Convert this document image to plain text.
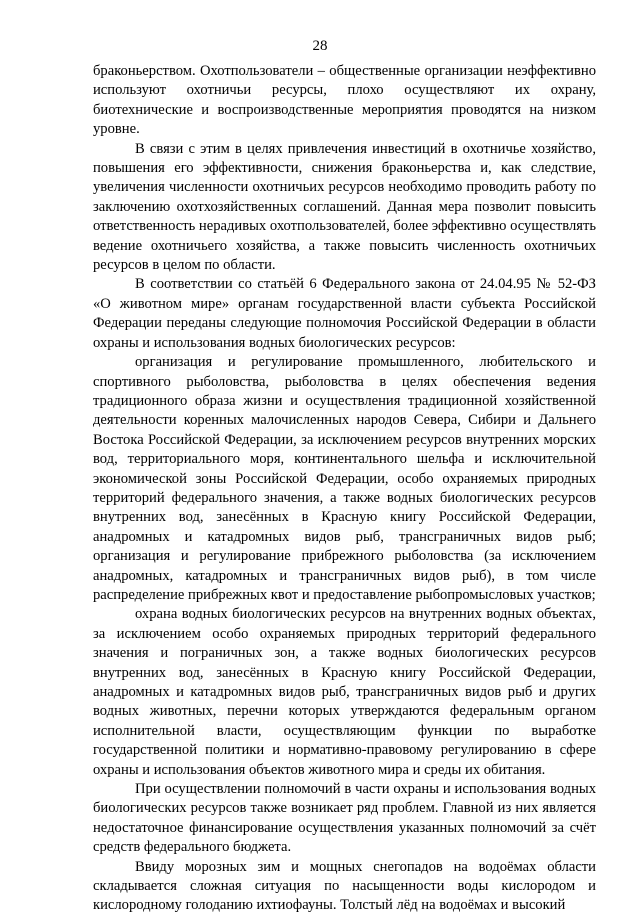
28

браконьерством. Охотпользователи – общественные организации неэффективно используют охотничьи ресурсы, плохо осуществляют их охрану, биотехнические и воспроизводственные мероприятия проводятся на низком уровне.

В связи с этим в целях привлечения инвестиций в охотничье хозяйство, повышения его эффективности, снижения браконьерства и, как следствие, увеличения численности охотничьих ресурсов необходимо проводить работу по заключению охотхозяйственных соглашений. Данная мера позволит повысить ответственность нерадивых охотпользователей, более эффективно осуществлять ведение охотничьего хозяйства, а также повысить численность охотничьих ресурсов в целом по области.

В соответствии со статьёй 6 Федерального закона от 24.04.95 № 52-ФЗ «О животном мире» органам государственной власти субъекта Российской Федерации переданы следующие полномочия Российской Федерации в области охраны и использования водных биологических ресурсов:

организация и регулирование промышленного, любительского и спортивного рыболовства, рыболовства в целях обеспечения ведения традиционного образа жизни и осуществления традиционной хозяйственной деятельности коренных малочисленных народов Севера, Сибири и Дальнего Востока Российской Федерации, за исключением ресурсов внутренних морских вод, территориального моря, континентального шельфа и исключительной экономической зоны Российской Федерации, особо охраняемых природных территорий федерального значения, а также водных биологических ресурсов внутренних вод, занесённых в Красную книгу Российской Федерации, анадромных и катадромных видов рыб, трансграничных видов рыб; организация и регулирование прибрежного рыболовства (за исключением анадромных, катадромных и трансграничных видов рыб), в том числе распределение прибрежных квот и предоставление рыбопромысловых участков;

охрана водных биологических ресурсов на внутренних водных объектах, за исключением особо охраняемых природных территорий федерального значения и пограничных зон, а также водных биологических ресурсов внутренних вод, занесённых в Красную книгу Российской Федерации, анадромных и катадромных видов рыб, трансграничных видов рыб и других водных животных, перечни которых утверждаются федеральным органом исполнительной власти, осуществляющим функции по выработке государственной политики и нормативно-правовому регулированию в сфере охраны и использования объектов животного мира и среды их обитания.

При осуществлении полномочий в части охраны и использования водных биологических ресурсов также возникает ряд проблем. Главной из них является недостаточное финансирование осуществления указанных полномочий за счёт средств федерального бюджета.

Ввиду морозных зим и мощных снегопадов на водоёмах области складывается сложная ситуация по насыщенности воды кислородом и кислородному голоданию ихтиофауны. Толстый лёд на водоёмах и высокий
